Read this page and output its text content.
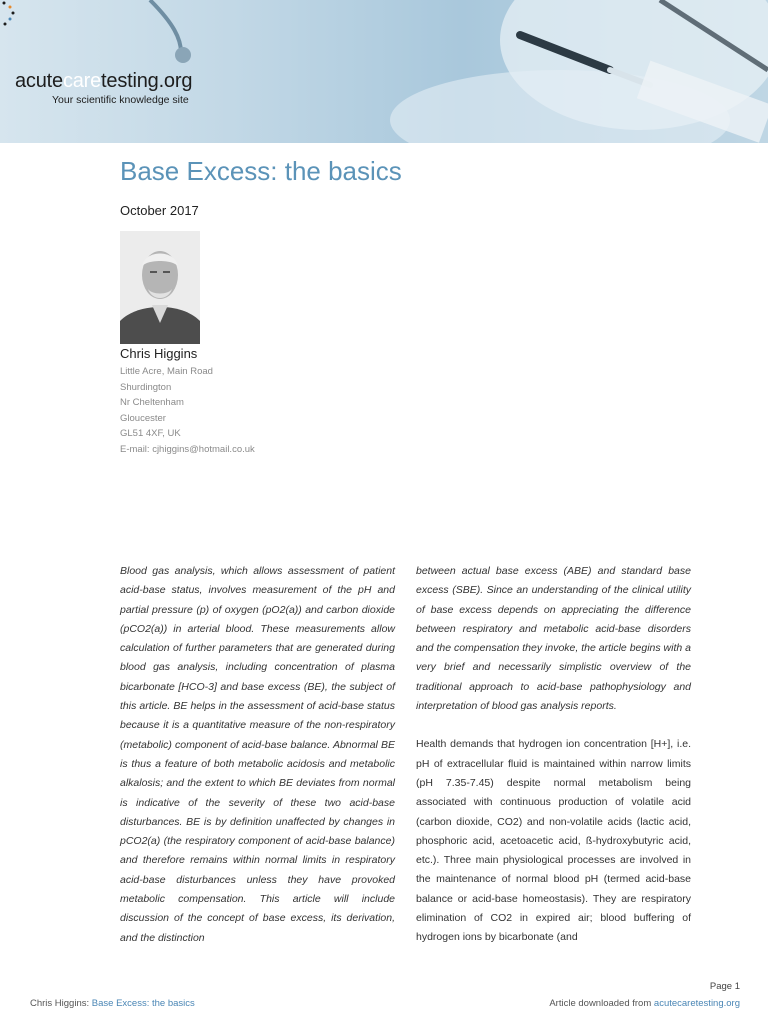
acutecaretesting.org
Your scientific knowledge site
Base Excess: the basics
October 2017
Chris Higgins
Little Acre, Main Road
Shurdington
Nr Cheltenham
Gloucester
GL51 4XF, UK
E-mail: cjhiggins@hotmail.co.uk

Blood gas analysis, which allows assessment of patient acid-base status, involves measurement of the pH and partial pressure (p) of oxygen (pO2(a)) and carbon dioxide (pCO2(a)) in arterial blood. These measurements allow calculation of further parameters that are generated during blood gas analysis, including concentration of plasma bicarbonate [HCO-3] and base excess (BE), the subject of this article. BE helps in the assessment of acid-base status because it is a quantitative measure of the non-respiratory (metabolic) component of acid-base balance. Abnormal BE is thus a feature of both metabolic acidosis and metabolic alkalosis; and the extent to which BE deviates from normal is indicative of the severity of these two acid-base disturbances. BE is by definition unaffected by changes in pCO2(a) (the respiratory component of acid-base balance) and therefore remains within normal limits in respiratory acid-base disturbances unless they have provoked metabolic compensation. This article will include discussion of the concept of base excess, its derivation, and the distinction

between actual base excess (ABE) and standard base excess (SBE). Since an understanding of the clinical utility of base excess depends on appreciating the difference between respiratory and metabolic acid-base disorders and the compensation they invoke, the article begins with a very brief and necessarily simplistic overview of the traditional approach to acid-base pathophysiology and interpretation of blood gas analysis reports.

Health demands that hydrogen ion concentration [H+], i.e. pH of extracellular fluid is maintained within narrow limits (pH 7.35-7.45) despite normal metabolism being associated with continuous production of volatile acid (carbon dioxide, CO2) and non-volatile acids (lactic acid, phosphoric acid, acetoacetic acid, ß-hydroxybutyric acid, etc.). Three main physiological processes are involved in the maintenance of normal blood pH (termed acid-base balance or acid-base homeostasis). They are respiratory elimination of CO2 in expired air; blood buffering of hydrogen ions by bicarbonate (and

Page 1
Chris Higgins: Base Excess: the basics	Article downloaded from acutecaretesting.org
